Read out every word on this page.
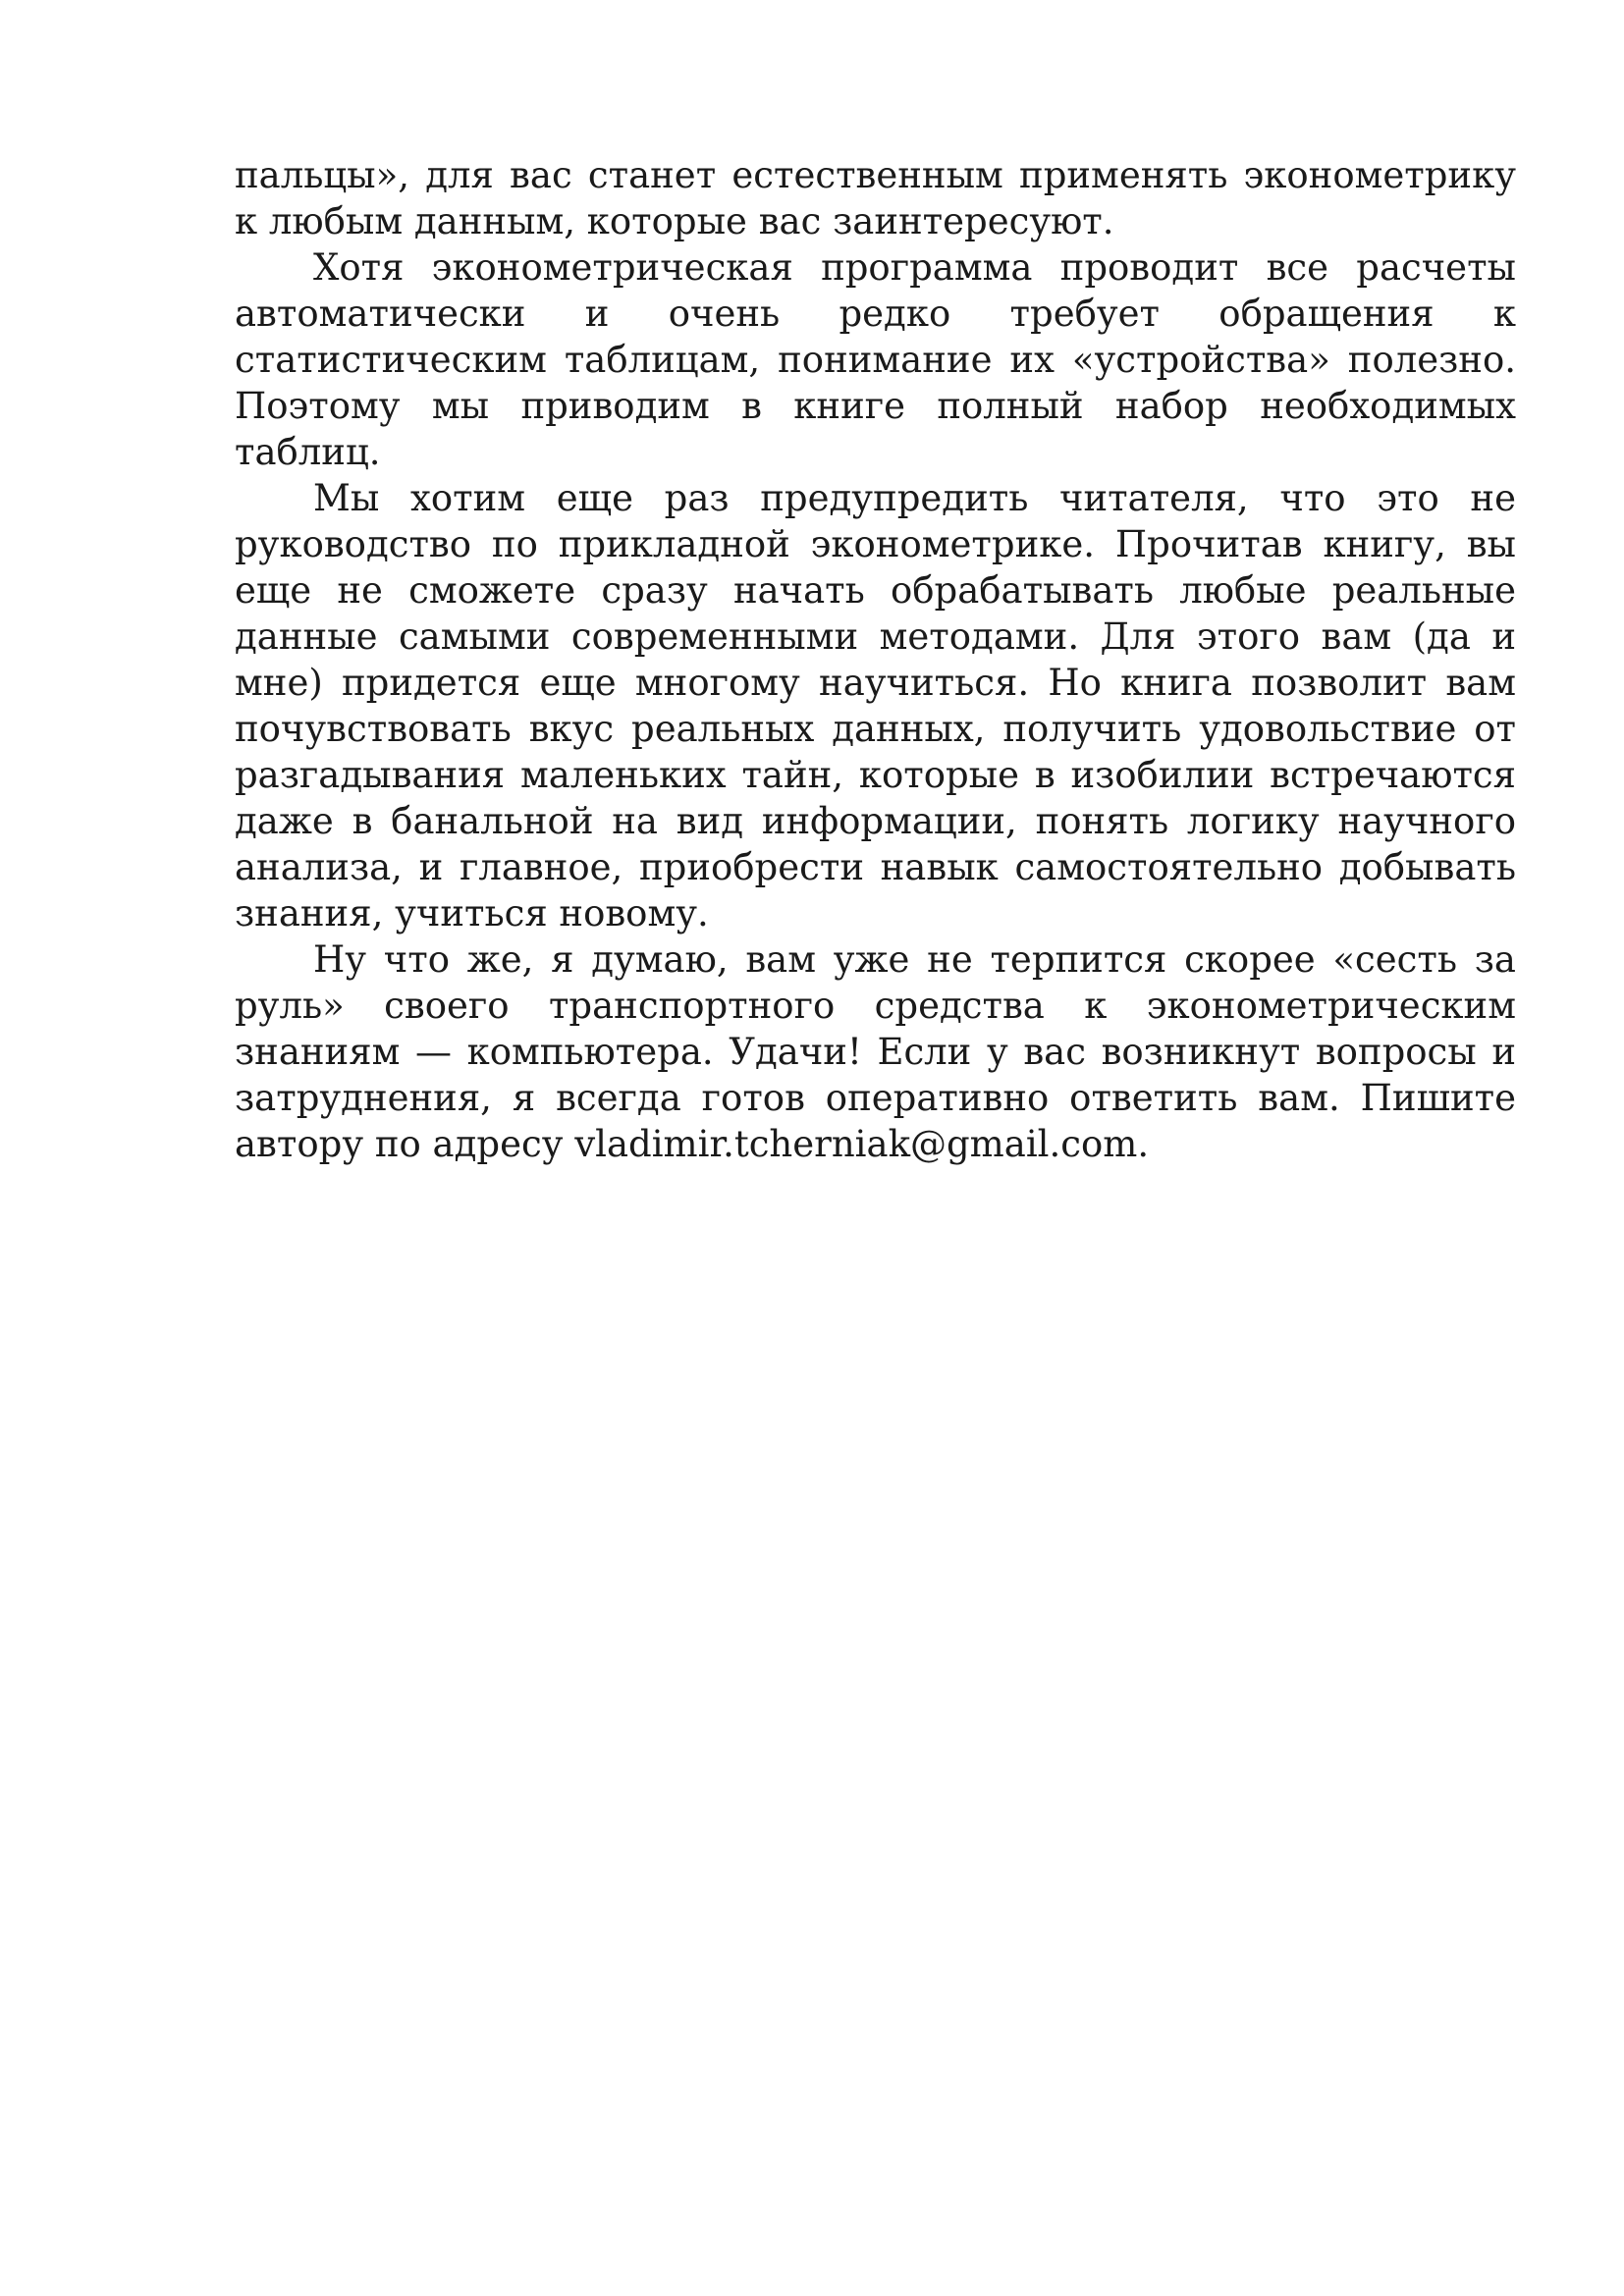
пальцы», для вас станет естественным применять эконометрику к любым данным, которые вас заинтересуют.

Хотя эконометрическая программа проводит все расчеты автоматически и очень редко требует обращения к статистическим таблицам, понимание их «устройства» полезно. Поэтому мы приводим в книге полный набор необходимых таблиц.

Мы хотим еще раз предупредить читателя, что это не руководство по прикладной эконометрике. Прочитав книгу, вы еще не сможете сразу начать обрабатывать любые реальные данные самыми современными методами. Для этого вам (да и мне) придется еще многому научиться. Но книга позволит вам почувствовать вкус реальных данных, получить удовольствие от разгадывания маленьких тайн, которые в изобилии встречаются даже в банальной на вид информации, понять логику научного анализа, и главное, приобрести навык самостоятельно добывать знания, учиться новому.

Ну что же, я думаю, вам уже не терпится скорее «сесть за руль» своего транспортного средства к эконометрическим знаниям — компьютера. Удачи! Если у вас возникнут вопросы и затруднения, я всегда готов оперативно ответить вам. Пишите автору по адресу vladimir.tcherniak@gmail.com.
